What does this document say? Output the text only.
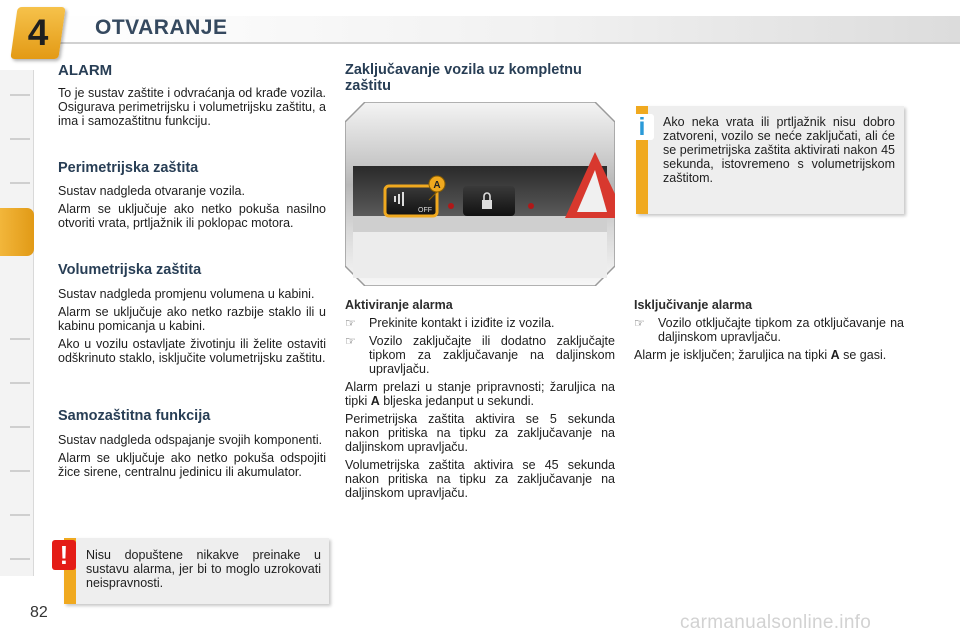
4	OTVARANJE
ALARM

To je sustav zaštite i odvraćanja od krađe vozila. Osigurava perimetrijsku i volumetrijsku zaštitu, a ima i samozaštitnu funkciju.

Perimetrijska zaštita

Sustav nadgleda otvaranje vozila.

Alarm se uključuje ako netko pokuša nasilno otvoriti vrata, prtljažnik ili poklopac motora.

Volumetrijska zaštita

Sustav nadgleda promjenu volumena u kabini.

Alarm se uključuje ako netko razbije staklo ili u kabinu pomicanja u kabini.

Ako u vozilu ostavljate životinju ili želite ostaviti odškrinuto staklo, isključite volumetrijsku zaštitu.

Samozaštitna funkcija

Sustav nadgleda odspajanje svojih komponenti.

Alarm se uključuje ako netko pokuša odspojiti žice sirene, centralnu jedinicu ili akumulator.

Nisu dopuštene nikakve preinake u sustavu alarma, jer bi to moglo uzrokovati neispravnosti.
!
Zaključavanje vozila uz kompletnu zaštitu
OFF
A
Aktiviranje alarma
☞	Prekinite kontakt i iziđite iz vozila.
☞	Vozilo zaključajte ili dodatno zaključajte tipkom za zaključavanje na daljinskom upravljaču.

Alarm prelazi u stanje pripravnosti; žaruljica na tipki A bljeska jedanput u sekundi.

Perimetrijska zaštita aktivira se 5 sekunda nakon pritiska na tipku za zaključavanje na daljinskom upravljaču.

Volumetrijska zaštita aktivira se 45 sekunda nakon pritiska na tipku za zaključavanje na daljinskom upravljaču.

Ako neka vrata ili prtljažnik nisu dobro zatvoreni, vozilo se neće zaključati, ali će se perimetrijska zaštita aktivirati nakon 45 sekunda, istovremeno s volumetrijskom zaštitom.
i
Isključivanje alarma
☞	Vozilo otključajte tipkom za otključavanje na daljinskom upravljaču.

Alarm je isključen; žaruljica na tipki A se gasi.

82	carmanualsonline.info
